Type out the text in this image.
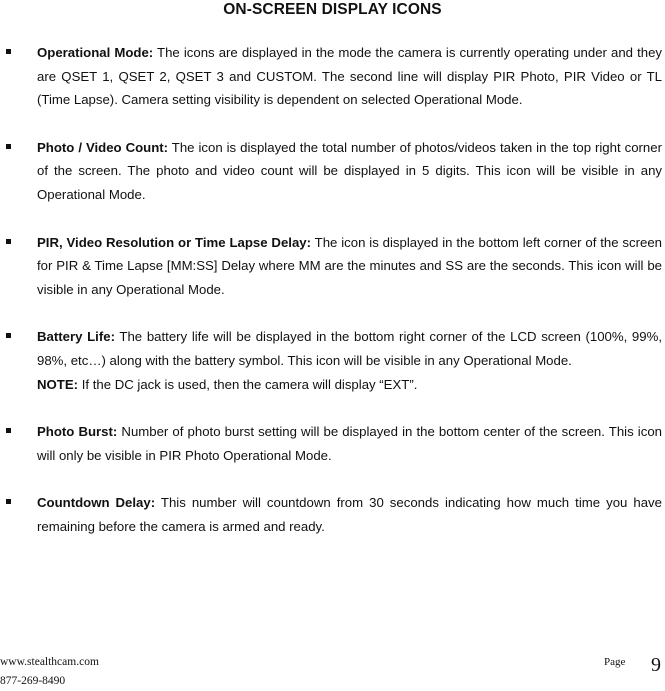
ON-SCREEN DISPLAY ICONS

Operational Mode: The icons are displayed in the mode the camera is currently operating under and they are QSET 1, QSET 2, QSET 3 and CUSTOM. The second line will display PIR Photo, PIR Video or TL (Time Lapse). Camera setting visibility is dependent on selected Operational Mode.

Photo / Video Count: The icon is displayed the total number of photos/videos taken in the top right corner of the screen. The photo and video count will be displayed in 5 digits. This icon will be visible in any Operational Mode.

PIR, Video Resolution or Time Lapse Delay: The icon is displayed in the bottom left corner of the screen for PIR & Time Lapse [MM:SS] Delay where MM are the minutes and SS are the seconds. This icon will be visible in any Operational Mode.

Battery Life: The battery life will be displayed in the bottom right corner of the LCD screen (100%, 99%, 98%, etc…) along with the battery symbol. This icon will be visible in any Operational Mode.

NOTE: If the DC jack is used, then the camera will display “EXT”.

Photo Burst: Number of photo burst setting will be displayed in the bottom center of the screen. This icon will only be visible in PIR Photo Operational Mode.

Countdown Delay: This number will countdown from 30 seconds indicating how much time you have remaining before the camera is armed and ready.

www.stealthcam.com
877-269-8490
Page 9
